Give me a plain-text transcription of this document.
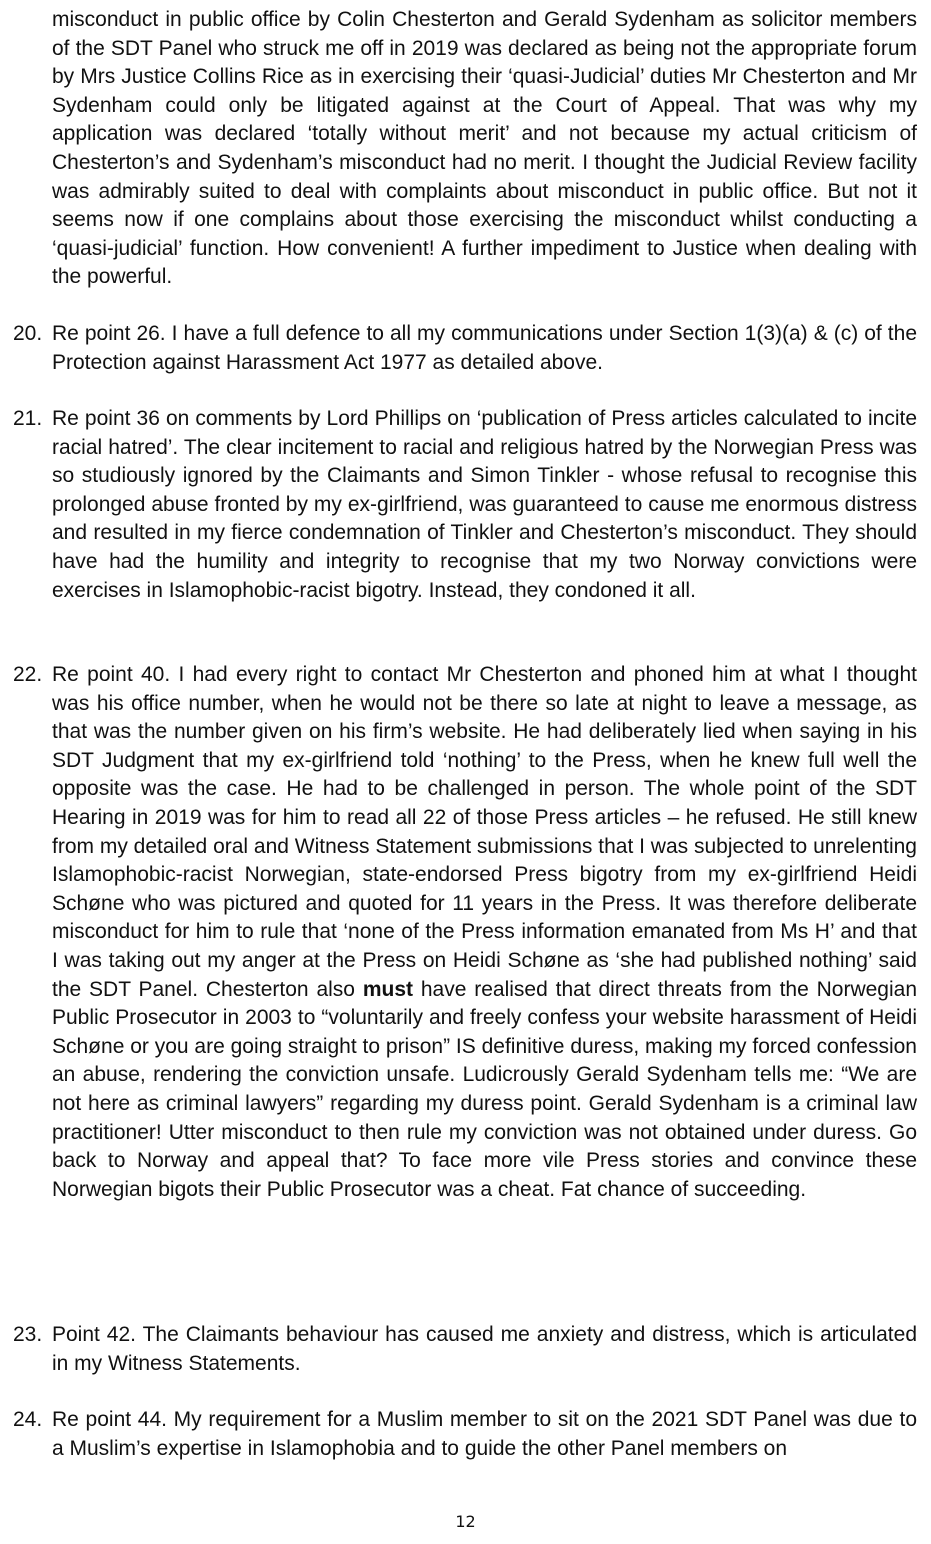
misconduct in public office by Colin Chesterton and Gerald Sydenham as solicitor members of the SDT Panel who struck me off in 2019 was declared as being not the appropriate forum by Mrs Justice Collins Rice as in exercising their ‘quasi-Judicial’ duties Mr Chesterton and Mr Sydenham could only be litigated against at the Court of Appeal. That was why my application was declared ‘totally without merit’ and not because my actual criticism of Chesterton’s and Sydenham’s misconduct had no merit. I thought the Judicial Review facility was admirably suited to deal with complaints about misconduct in public office. But not it seems now if one complains about those exercising the misconduct whilst conducting a ‘quasi-judicial’ function. How convenient! A further impediment to Justice when dealing with the powerful.

20. Re point 26. I have a full defence to all my communications under Section 1(3)(a) & (c) of the Protection against Harassment Act 1977 as detailed above.
21. Re point 36 on comments by Lord Phillips on ‘publication of Press articles calculated to incite racial hatred’. The clear incitement to racial and religious hatred by the Norwegian Press was so studiously ignored by the Claimants and Simon Tinkler - whose refusal to recognise this prolonged abuse fronted by my ex-girlfriend, was guaranteed to cause me enormous distress and resulted in my fierce condemnation of Tinkler and Chesterton’s misconduct. They should have had the humility and integrity to recognise that my two Norway convictions were exercises in Islamophobic-racist bigotry. Instead, they condoned it all.
22. Re point 40. I had every right to contact Mr Chesterton and phoned him at what I thought was his office number, when he would not be there so late at night to leave a message, as that was the number given on his firm’s website. He had deliberately lied when saying in his SDT Judgment that my ex-girlfriend told ‘nothing’ to the Press, when he knew full well the opposite was the case. He had to be challenged in person. The whole point of the SDT Hearing in 2019 was for him to read all 22 of those Press articles – he refused. He still knew from my detailed oral and Witness Statement submissions that I was subjected to unrelenting Islamophobic-racist Norwegian, state-endorsed Press bigotry from my ex-girlfriend Heidi Schøne who was pictured and quoted for 11 years in the Press. It was therefore deliberate misconduct for him to rule that ‘none of the Press information emanated from Ms H’ and that I was taking out my anger at the Press on Heidi Schøne as ‘she had published nothing’ said the SDT Panel. Chesterton also must have realised that direct threats from the Norwegian Public Prosecutor in 2003 to “voluntarily and freely confess your website harassment of Heidi Schøne or you are going straight to prison” IS definitive duress, making my forced confession an abuse, rendering the conviction unsafe. Ludicrously Gerald Sydenham tells me: “We are not here as criminal lawyers” regarding my duress point. Gerald Sydenham is a criminal law practitioner! Utter misconduct to then rule my conviction was not obtained under duress. Go back to Norway and appeal that? To face more vile Press stories and convince these Norwegian bigots their Public Prosecutor was a cheat. Fat chance of succeeding.
23. Point 42. The Claimants behaviour has caused me anxiety and distress, which is articulated in my Witness Statements.
24. Re point 44. My requirement for a Muslim member to sit on the 2021 SDT Panel was due to a Muslim’s expertise in Islamophobia and to guide the other Panel members on
12
